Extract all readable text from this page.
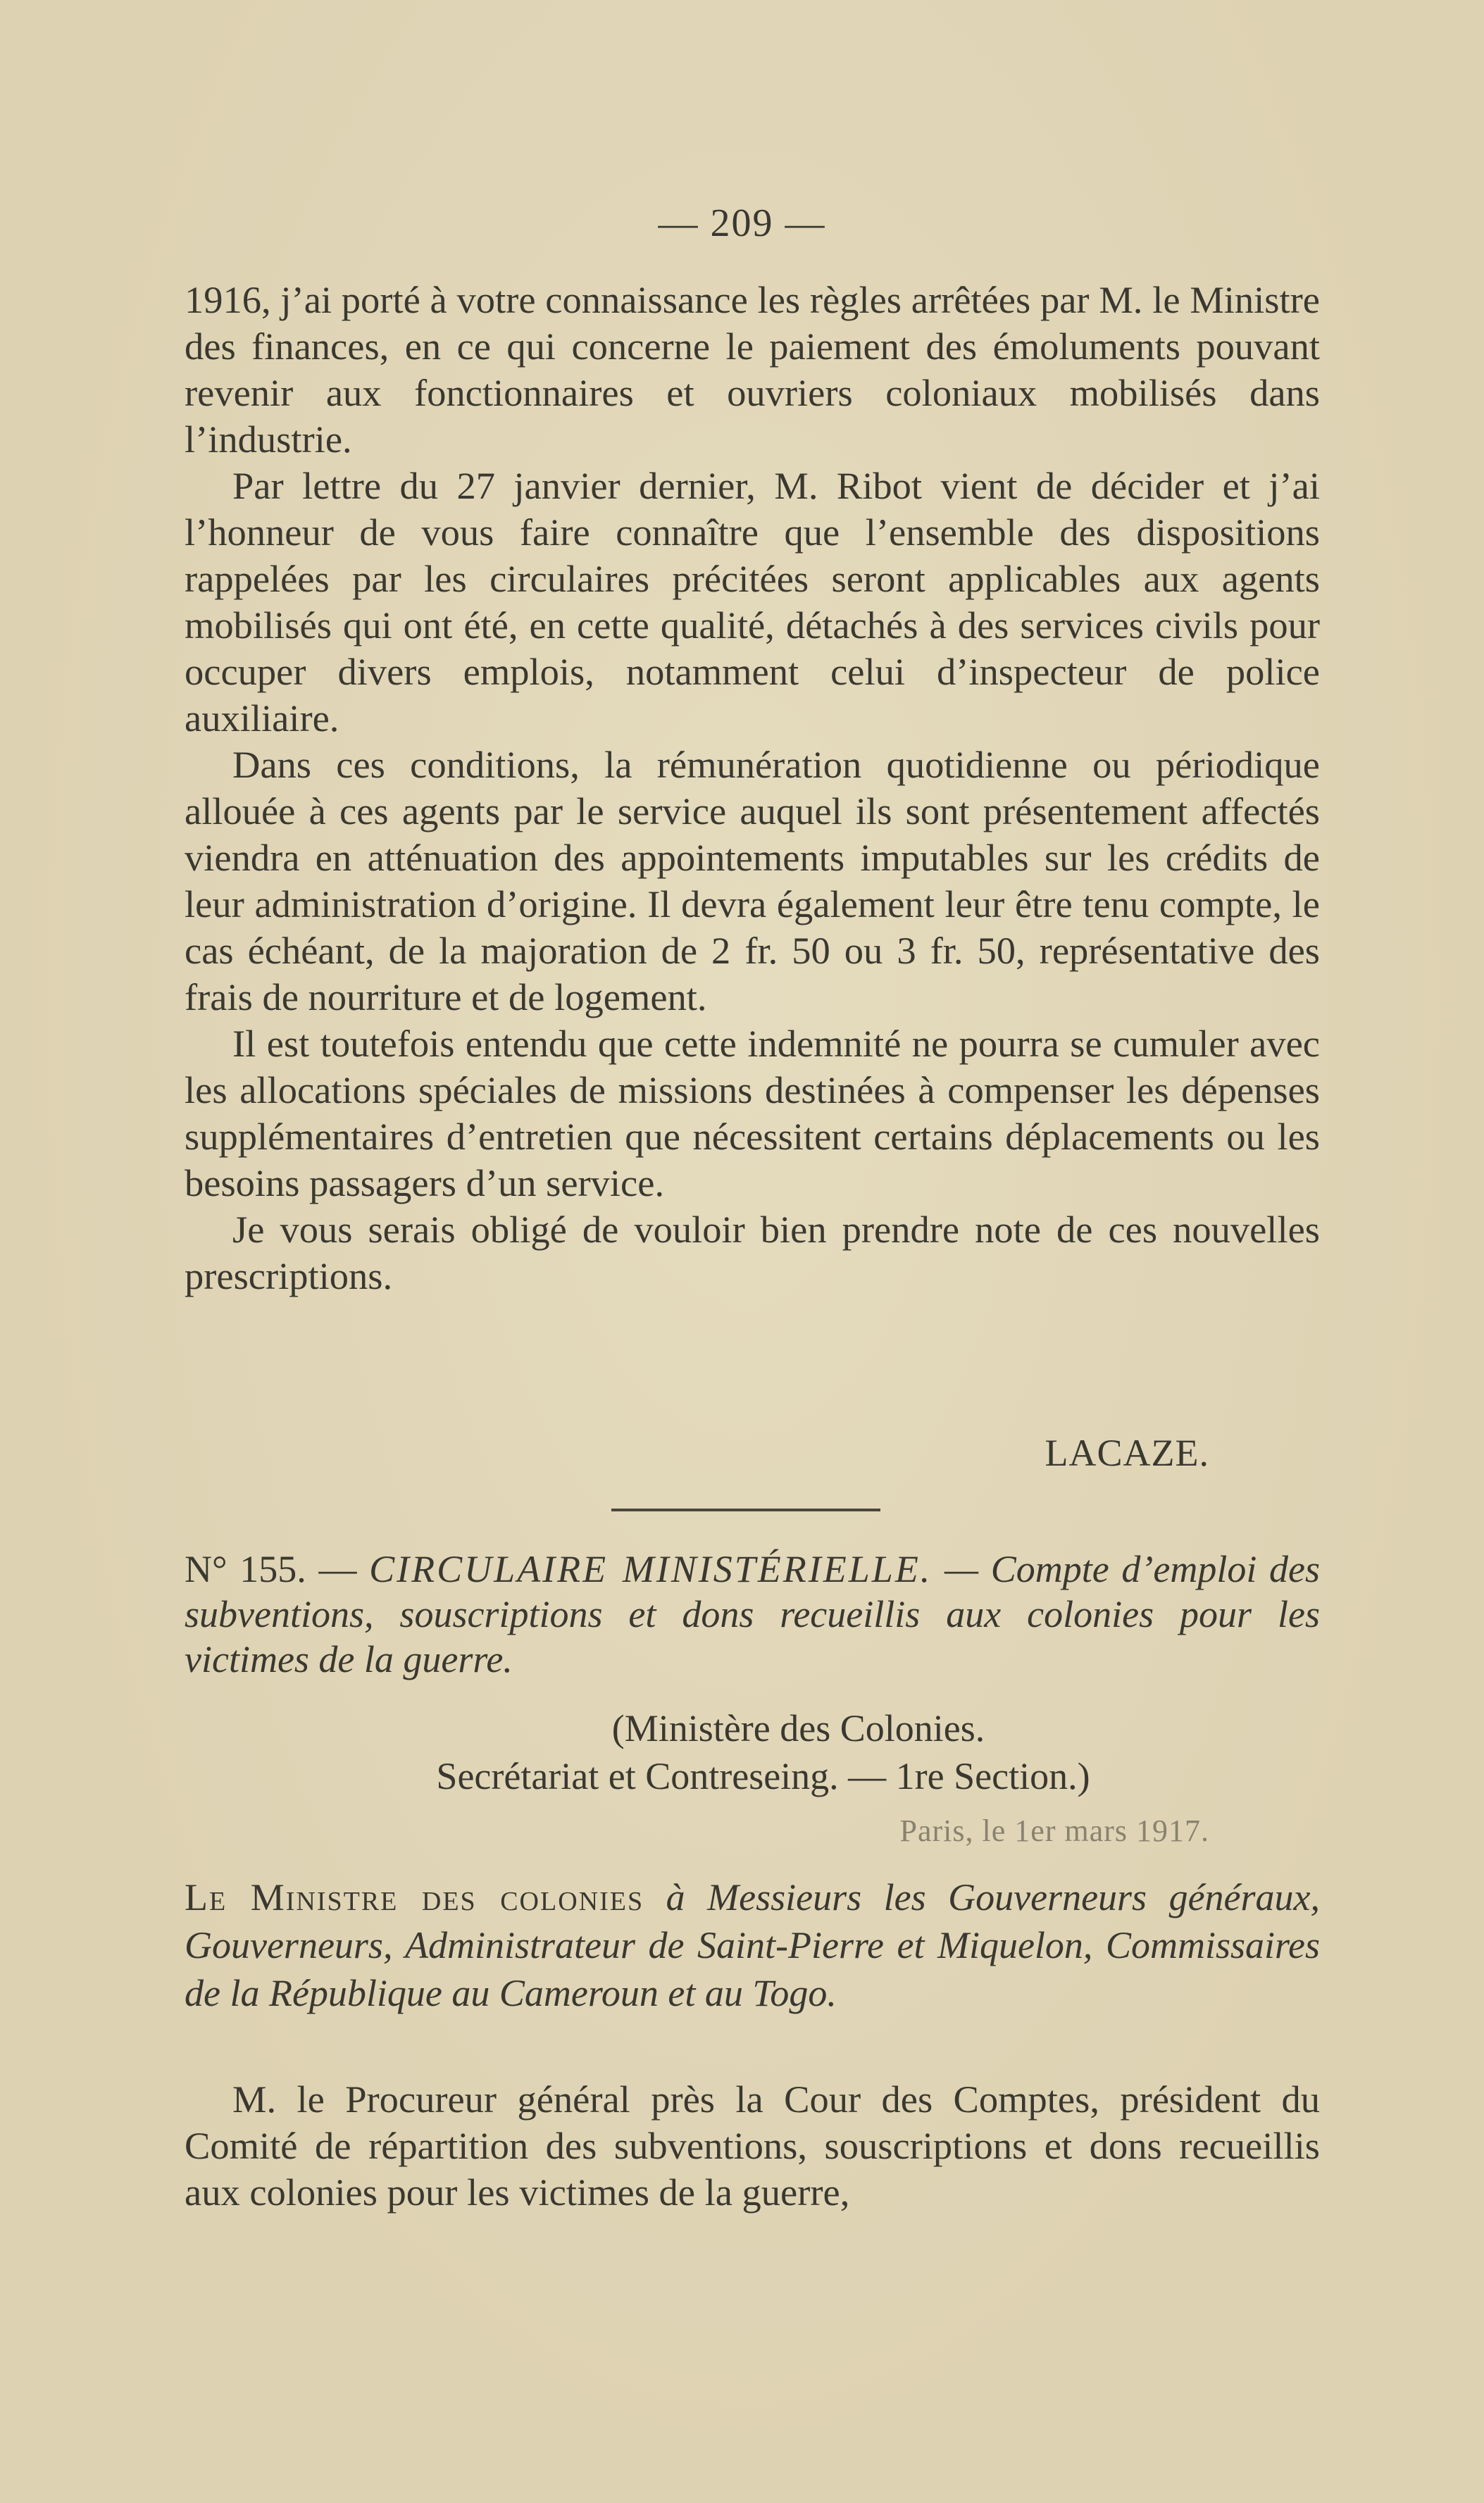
— 209 —

1916, j’ai porté à votre connaissance les règles arrêtées par M. le Ministre des finances, en ce qui concerne le paiement des émoluments pouvant revenir aux fonctionnaires et ouvriers coloniaux mobilisés dans l’industrie.

Par lettre du 27 janvier dernier, M. Ribot vient de décider et j’ai l’honneur de vous faire connaître que l’ensemble des dispositions rappelées par les circulaires précitées seront applicables aux agents mobilisés qui ont été, en cette qualité, détachés à des services civils pour occuper divers emplois, notamment celui d’inspecteur de police auxiliaire.

Dans ces conditions, la rémunération quotidienne ou périodique allouée à ces agents par le service auquel ils sont présentement affectés viendra en atténuation des appointements imputables sur les crédits de leur administration d’origine. Il devra également leur être tenu compte, le cas échéant, de la majoration de 2 fr. 50 ou 3 fr. 50, représentative des frais de nourriture et de logement.

Il est toutefois entendu que cette indemnité ne pourra se cumuler avec les allocations spéciales de missions destinées à compenser les dépenses supplémentaires d’entretien que nécessitent certains déplacements ou les besoins passagers d’un service.

Je vous serais obligé de vouloir bien prendre note de ces nouvelles prescriptions.

LACAZE.
N° 155. — CIRCULAIRE MINISTÉRIELLE. — Compte d’emploi des subventions, souscriptions et dons recueillis aux colonies pour les victimes de la guerre.
(Ministère des Colonies.
Secrétariat et Contreseing. — 1re Section.)
Paris, le 1er mars 1917.
Le Ministre des colonies à Messieurs les Gouverneurs généraux, Gouverneurs, Administrateur de Saint-Pierre et Miquelon, Commissaires de la République au Cameroun et au Togo.

M. le Procureur général près la Cour des Comptes, président du Comité de répartition des subventions, souscriptions et dons recueillis aux colonies pour les victimes de la guerre,
